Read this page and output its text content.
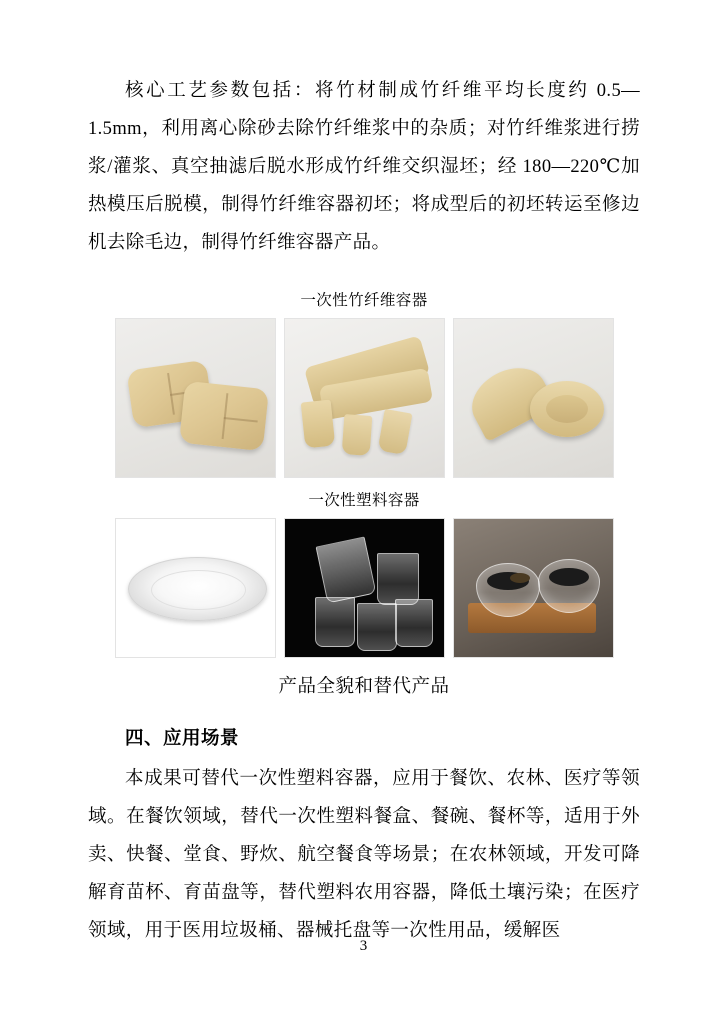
核心工艺参数包括：将竹材制成竹纤维平均长度约 0.5—1.5mm，利用离心除砂去除竹纤维浆中的杂质；对竹纤维浆进行捞浆/灌浆、真空抽滤后脱水形成竹纤维交织湿坯；经 180—220℃加热模压后脱模，制得竹纤维容器初坯；将成型后的初坯转运至修边机去除毛边，制得竹纤维容器产品。

一次性竹纤维容器
一次性塑料容器
产品全貌和替代产品
四、应用场景

本成果可替代一次性塑料容器，应用于餐饮、农林、医疗等领域。在餐饮领域，替代一次性塑料餐盒、餐碗、餐杯等，适用于外卖、快餐、堂食、野炊、航空餐食等场景；在农林领域，开发可降解育苗杯、育苗盘等，替代塑料农用容器，降低土壤污染；在医疗领域，用于医用垃圾桶、器械托盘等一次性用品，缓解医

3
